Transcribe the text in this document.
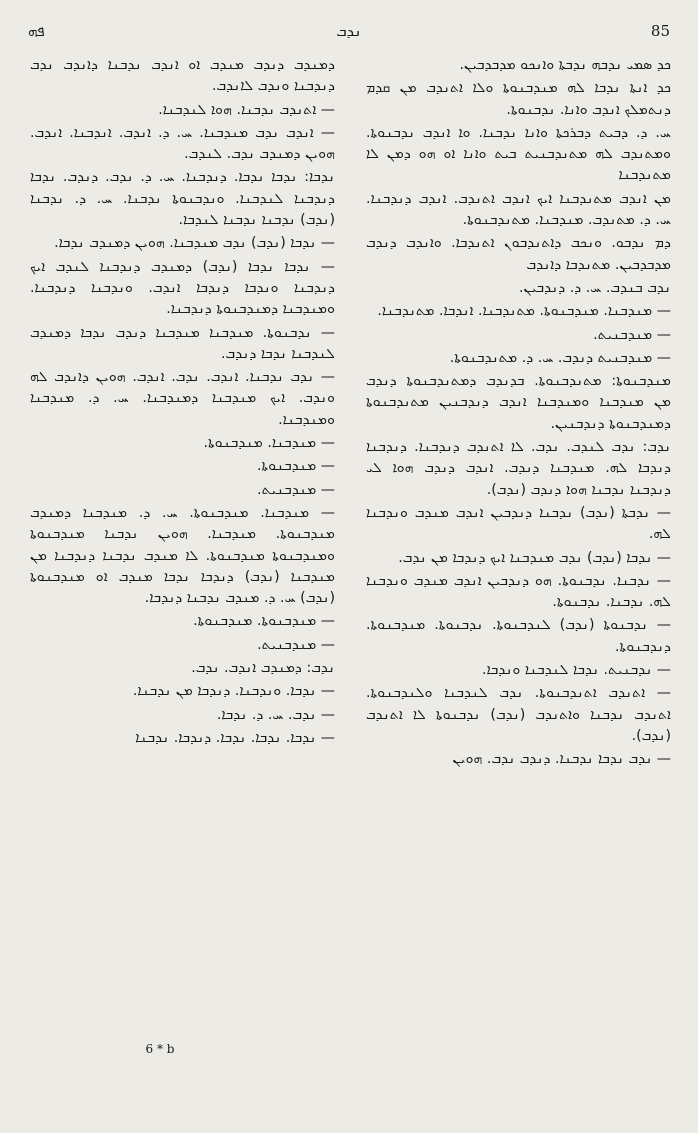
ܦܗ	ܢܕܒ	85

ܟܕ ܣܡܝ ܢܕܒܗ ܢܕܒܬܐ ܘܐܢܟܘ ܡܕܒܕܒܝܢ.

ܟܕ ܐܢܬܐ ܢܕܒܐ ܠܗ ܡܢܕܒܢܘܬܐ ܘܠܐ ܐܬܢܕܒ ܡܢ ܩܕܡ ܕܢܬܡܠܟ ܐܢܕܒ ܘܐܢܐ. ܢܕܒܢܘܬܐ.

ܚ. ܕ. ܕܒܝܬ ܕܒܪܟܬܐ ܘܐܢܐ ܢܕܒܢܐ. ܘܐ ܐܢܕܒ ܢܕܒܢܘܬܐ. ܘܡܬܢܕܒ ܠܗ ܡܬܢܕܒܢܝܬ ܒܝܬ ܘܐܢܐ ܐܘ ܗܘ ܕܡܢ ܠܐ ܡܬܢܕܒܢܐ

ܡܢ ܐܢܕܒ ܡܬܢܕܒܢܐ ܐܝܟ ܐܢܕܒ ܐܬܢܕܒ. ܐܢܕܒ ܕܢܕܒܢܐ. ܚ. ܕ. ܡܬܢܕܒ. ܡܢܕܒܢܐ. ܡܬܢܕܒܢܘܬܐ.

ܕܡ ܢܕܒܘ. ܘܢܟܒ ܕܐܬܢܕܒܘܢ ܐܬܢܕܒܐ. ܘܐܢܕܒ ܕܢܕܒ ܡܕܒܕܒܝܢ. ܡܬܢܕܒܐ ܕܐܢܕܒ

ܢܕܒ ܒܢܕܒ. ܚ. ܕ. ܕܢܕܒܝܢ.

— ܡܢܕܒܢܐ. ܡܢܕܒܢܘܬܐ. ܡܬܢܕܒܢܐ. ܐܢܕܒܐ. ܡܬܢܕܒܢܐ.

— ܡܢܕܒܢܝܬ.

— ܡܢܕܒܢܝܬ ܕܢܕܒ. ܚ. ܕ. ܡܬܢܕܒܢܘܬܐ.

ܡܢܕܒܢܘܬܐ: ܡܬܢܕܒܢܘܬܐ. ܒܕܢܕܒ ܕܡܬܢܕܒܢܘܬܐ ܕܢܕܒ ܡܢ ܡܢܕܒܢܐ ܘܡܢܕܒܢܐ ܐܢܕܒ ܕܢܕܒܢܝܢ ܡܬܢܕܒܢܘܬܐ ܕܡܢܕܒܢܘܬܐ ܕܢܕܒܢܝܢ.

ܢܕܒ: ܢܕܒ ܠܢܕܒ. ܢܕܒ. ܠܐ ܐܬܢܕܒ ܕܢܕܒܢܐ. ܕܢܕܒܢܐ ܕܢܕܒܐ ܠܗ. ܡܢܕܒܢܐ ܕܢܕܒ. ܐܢܕܒ ܕܢܕܒ ܗܘܐ ܠܝ ܕܢܕܒܢܐ ܢܕܒܢܐ ܗܘܐ ܕܢܕܒ (ܢܕܒ).

— ܢܕܒܬܐ (ܢܕܒ) ܢܕܒܢܐ ܕܢܕܒܝܢ ܐܢܕܒ ܡܢܕܒ ܘܢܕܒܢܐ ܠܗ.

— ܢܕܒܐ (ܢܕܒ) ܢܕܒ ܡܢܕܒܢܐ ܐܝܟ ܕܢܕܒܐ ܡܢ ܢܕܒ.

— ܢܕܒܢܐ. ܢܕܒܢܘܬܐ. ܗܘ ܕܢܕܒܝܢ ܐܢܕܒ ܡܢܕܒ ܘܢܕܒܢܐ ܠܗ. ܢܕܒܢܐ. ܢܕܒܢܘܬܐ.

— ܢܕܒܢܘܬܐ (ܢܕܒ) ܠܢܕܒܢܘܬܐ. ܢܕܒܢܘܬܐ. ܡܢܕܒܢܘܬܐ. ܕܢܕܒܢܘܬܐ.

— ܢܕܒܢܝܬ. ܢܕܒܐ ܠܢܕܒܢܐ ܘܢܕܒܐ.

— ܐܬܢܕܒ ܐܬܢܕܒܢܘܬܐ. ܢܕܒ ܠܢܕܒܢܐ ܘܠܢܕܒܢܘܬܐ. ܐܬܢܕܒ ܢܕܒܢܐ ܘܐܬܢܕܒ (ܢܕܒ) ܢܕܒܢܘܬܐ ܠܐ ܐܬܢܕܒ (ܢܕܒ).

— ܢܕܒ ܢܕܒܐ ܢܕܒܢܐ. ܕܢܕܒ ܢܕܒ. ܗܘܝܢ

ܕܡܢܕܒ ܕܢܕܒ ܡܢܕܒ ܐܘ ܐܢܕܒ ܢܕܒܢܐ ܕܐܢܕܒ ܢܕܒ ܕܢܕܒܢܐ ܘܢܕܒ ܠܐܢܕܒ.

— ܐܬܢܕܒ ܢܕܒܢܐ. ܗܘܐ ܠܢܕܒܢܐ.

— ܐܢܕܒ ܢܕܒ ܡܢܕܒܢܐ. ܚ. ܕ. ܐܢܕܒ. ܐܢܕܒܢܐ. ܐܢܕܒ. ܗܘܝܢ ܕܡܢܕܒ ܢܕܒ. ܠܢܕܒ.

ܢܕܒܐ: ܢܕܒܐ ܢܕܒܐ. ܕܢܕܒܢܐ. ܚ. ܕ. ܢܕܒ. ܕܢܕܒ. ܢܕܒܐ ܕܢܕܒܢܐ ܠܢܕܒܢܐ. ܘܢܕܒܢܘܬܐ ܢܕܒܢܐ. ܚ. ܕ. ܢܕܒܢܐ (ܢܕܒ) ܢܕܒܢܐ ܢܕܒܢܐ ܠܢܕܒܐ.

— ܢܕܒܐ (ܢܕܒ) ܢܕܒ ܡܢܕܒܢܐ. ܗܘܝܢ ܕܡܢܕܒ ܢܕܒܐ.

— ܢܕܒܐ ܢܕܒܐ (ܢܕܒ) ܕܡܢܕܒ ܕܢܕܒܢܐ ܠܢܕܒ ܐܝܟ ܕܢܕܒܢܐ ܘܢܕܒܐ ܕܢܕܒܐ ܐܢܕܒ. ܘܢܕܒܢܐ ܕܢܕܒܢܐ. ܘܡܢܕܒܢܐ ܕܡܢܕܒܢܘܬܐ ܕܢܕܒܢܐ.

— ܢܕܒܢܘܬܐ. ܡܢܕܒܢܐ ܡܢܕܒܢܐ ܕܢܕܒ ܢܕܒܐ ܕܡܢܕܒ ܠܢܕܒܢܐ ܢܕܒܐ ܕܢܕܒ.

— ܢܕܒ ܢܕܒܢܐ. ܐܢܕܒ. ܢܕܒ. ܐܢܕܒ. ܗܘܝܢ ܕܐܢܕܒ ܠܗ ܘܢܕܒ. ܐܝܟ ܡܢܕܒܢܐ ܕܡܢܕܒܢܐ. ܚ. ܕ. ܡܢܕܒܢܐ ܘܡܢܕܒܢܐ.

— ܡܢܕܒܢܐ. ܡܢܕܒܢܘܬܐ.

— ܡܢܕܒܢܘܬܐ.

— ܡܢܕܒܢܝܬ.

— ܡܢܕܒܢܐ. ܡܢܕܒܢܘܬܐ. ܚ. ܕ. ܡܢܕܒܢܐ ܕܡܢܕܒ ܡܢܕܒܢܘܬܐ. ܡܢܕܒܢܐ. ܗܘܝܢ ܢܕܒܢܐ ܡܢܕܒܢܘܬܐ ܘܡܢܕܒܢܘܬܐ ܡܢܕܒܢܘܬܐ. ܠܐ ܡܢܕܒ ܢܕܒܢܐ ܕܢܕܒܢܐ ܡܢ ܡܢܕܒܢܐ (ܢܕܒ) ܕܢܕܒܐ ܢܕܒܐ ܡܢܕܒ ܐܘ ܡܢܕܒܢܘܬܐ (ܢܕܒ) ܚ. ܕ. ܡܢܕܒ ܢܕܒܢܐ ܕܢܕܒܐ.

— ܡܢܕܒܢܘܬܐ. ܡܢܕܒܢܘܬܐ.

— ܡܢܕܒܢܝܬ.

ܢܕܒ: ܕܡܢܕܒ ܐܢܕܒ. ܢܕܒ.

— ܢܕܒܐ. ܘܢܕܒܢܐ. ܕܢܕܒܐ ܡܢ ܢܕܒܢܐ.

— ܢܕܒ. ܚ. ܕ. ܢܕܒܐ.

— ܢܕܒܐ. ܢܕܒܐ. ܢܕܒܐ. ܕܢܕܒܐ. ܢܕܒܢܐ

6 * b
